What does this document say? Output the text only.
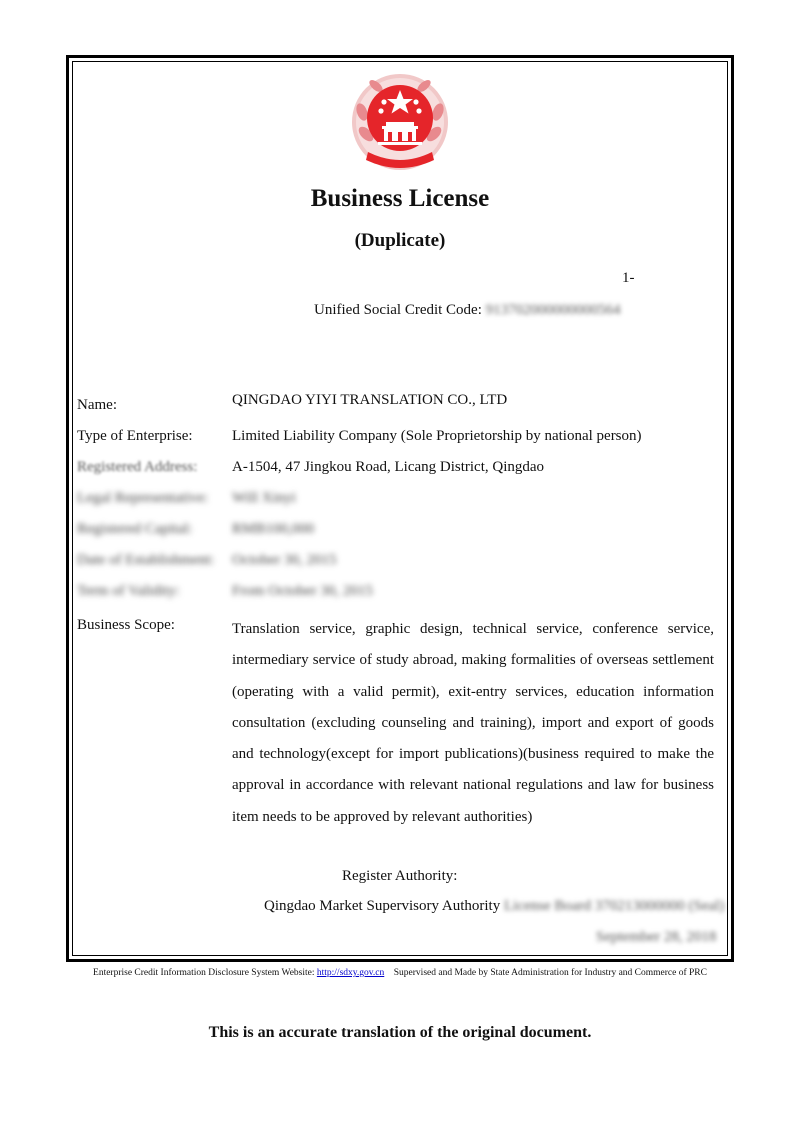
Business License
(Duplicate)
1-
Unified Social Credit Code: 913702000000000564
Name:	QINGDAO YIYI TRANSLATION CO., LTD
Type of Enterprise:	Limited Liability Company (Sole Proprietorship by national person)
Registered Address: A-1504, 47 Jingkou Road, Licang District, Qingdao
Legal Representative: Will Xinyi
Registered Capital:	RMB100,000
Date of Establishment: October 30, 2015
Term of Validity:	From October 30, 2015
Business Scope:	Translation service, graphic design, technical service, conference service, intermediary service of study abroad, making formalities of overseas settlement (operating with a valid permit), exit-entry services, education information consultation (excluding counseling and training), import and export of goods and technology(except for import publications)(business required to make the approval in accordance with relevant national regulations and law for business item needs to be approved by relevant authorities)
Register Authority:
Qingdao Market Supervisory Authority License Board 370213000000 (Seal)
September 28, 2018
Enterprise Credit Information Disclosure System Website: http://sdxy.gov.cn Supervised and Made by State Administration for Industry and Commerce of PRC
This is an accurate translation of the original document.
